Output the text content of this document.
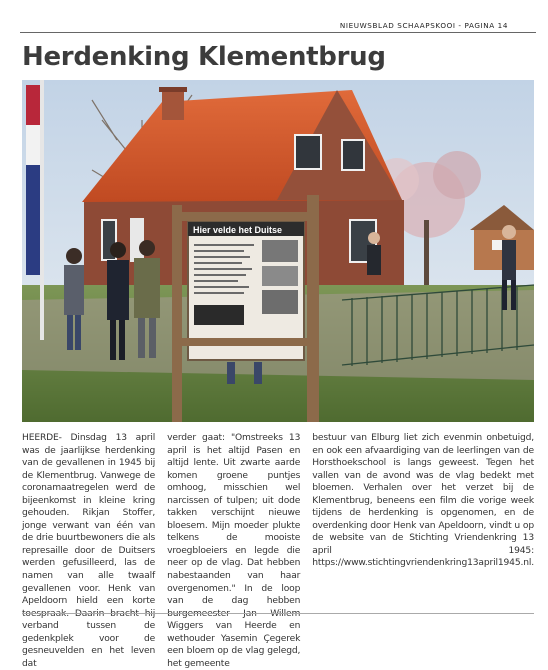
NIEUWSBLAD SCHAAPSKOOI - PAGINA 14
Herdenking Klementbrug
Hier velde het Duitse
HEERDE- Dinsdag 13 april was de jaarlijkse herdenking van de gevallenen in 1945 bij de Klementbrug. Vanwege de coronamaatregelen werd de bijeenkomst in kleine kring gehouden. Rikjan Stoffer, jonge verwant van één van de drie buurtbewoners die als represaille door de Duitsers werden gefusilleerd, las de namen van alle twaalf gevallenen voor. Henk van Apeldoorn hield een korte verband tussen de gedenkplek voor de gesneuvelden en het leven dat
verder gaat: "Omstreeks 13 april is het altijd Pasen en altijd lente. Uit zwarte aarde komen groene puntjes omhoog, misschien wel narcissen of tulpen; uit dode takken verschijnt nieuwe bloesem. Mijn moeder plukte telkens de mooiste vroegbloeiers en legde die neer op de vlag. Dat hebben nabestaanden van haar overgenomen." In de loop van de dag hebben Wiggers van Heerde en wethouder Yasemin Çegerek een bloem op de vlag gelegd, het gemeente
bestuur van Elburg liet zich evenmin onbetuigd, en ook een afvaardiging van de leerlingen van de Horsthoekschool is langs geweest. Tegen het vallen van de avond was de vlag bedekt met bloemen. Verhalen over het verzet bij de Klementbrug, beneens een film die vorige week tijdens de herdenking is opgenomen, en de overdenking door Henk van Apeldoorn, vindt u op de website van de Stichting Vriendenkring 13 april 1945: https://www.stichtingvriendenkring13april1945.nl.
